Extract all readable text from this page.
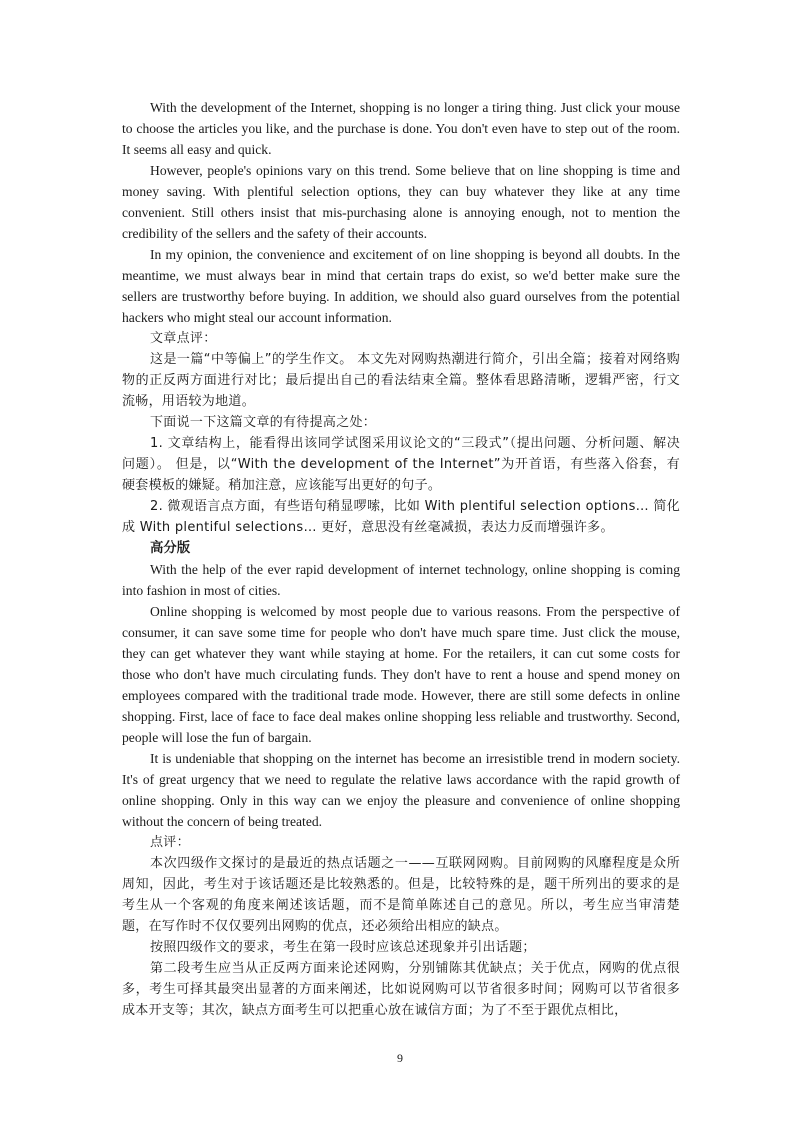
With the development of the Internet, shopping is no longer a tiring thing. Just click your mouse to choose the articles you like, and the purchase is done. You don't even have to step out of the room. It seems all easy and quick.

However, people's opinions vary on this trend. Some believe that on line shopping is time and money saving. With plentiful selection options, they can buy whatever they like at any time convenient. Still others insist that mis-purchasing alone is annoying enough, not to mention the credibility of the sellers and the safety of their accounts.

In my opinion, the convenience and excitement of on line shopping is beyond all doubts. In the meantime, we must always bear in mind that certain traps do exist, so we'd better make sure the sellers are trustworthy before buying. In addition, we should also guard ourselves from the potential hackers who might steal our account information.

文章点评：

这是一篇“中等偏上”的学生作文。 本文先对网购热潮进行简介，引出全篇；接着对网络购物的正反两方面进行对比；最后提出自己的看法结束全篇。整体看思路清晰，逻辑严密，行文流畅，用语较为地道。

下面说一下这篇文章的有待提高之处：

1. 文章结构上，能看得出该同学试图采用议论文的“三段式”（提出问题、分析问题、解决问题）。 但是，以“With the development of the Internet”为开首语，有些落入俗套，有硬套模板的嫌疑。稍加注意，应该能写出更好的句子。

2. 微观语言点方面，有些语句稍显啰嗦，比如 With plentiful selection options… 简化成 With plentiful selections… 更好，意思没有丝毫减损，表达力反而增强许多。

高分版

With the help of the ever rapid development of internet technology, online shopping is coming into fashion in most of cities.

Online shopping is welcomed by most people due to various reasons. From the perspective of consumer, it can save some time for people who don't have much spare time. Just click the mouse, they can get whatever they want while staying at home. For the retailers, it can cut some costs for those who don't have much circulating funds. They don't have to rent a house and spend money on employees compared with the traditional trade mode. However, there are still some defects in online shopping. First, lace of face to face deal makes online shopping less reliable and trustworthy. Second, people will lose the fun of bargain.

It is undeniable that shopping on the internet has become an irresistible trend in modern society. It's of great urgency that we need to regulate the relative laws accordance with the rapid growth of online shopping. Only in this way can we enjoy the pleasure and convenience of online shopping without the concern of being treated.

点评：

本次四级作文探讨的是最近的热点话题之一——互联网网购。目前网购的风靡程度是众所周知，因此，考生对于该话题还是比较熟悉的。但是，比较特殊的是，题干所列出的要求的是考生从一个客观的角度来阐述该话题，而不是简单陈述自己的意见。所以，考生应当审清楚题，在写作时不仅仅要列出网购的优点，还必须给出相应的缺点。

按照四级作文的要求，考生在第一段时应该总述现象并引出话题；

第二段考生应当从正反两方面来论述网购，分别铺陈其优缺点；关于优点，网购的优点很多，考生可择其最突出显著的方面来阐述，比如说网购可以节省很多时间；网购可以节省很多成本开支等；其次，缺点方面考生可以把重心放在诚信方面；为了不至于跟优点相比，

9
